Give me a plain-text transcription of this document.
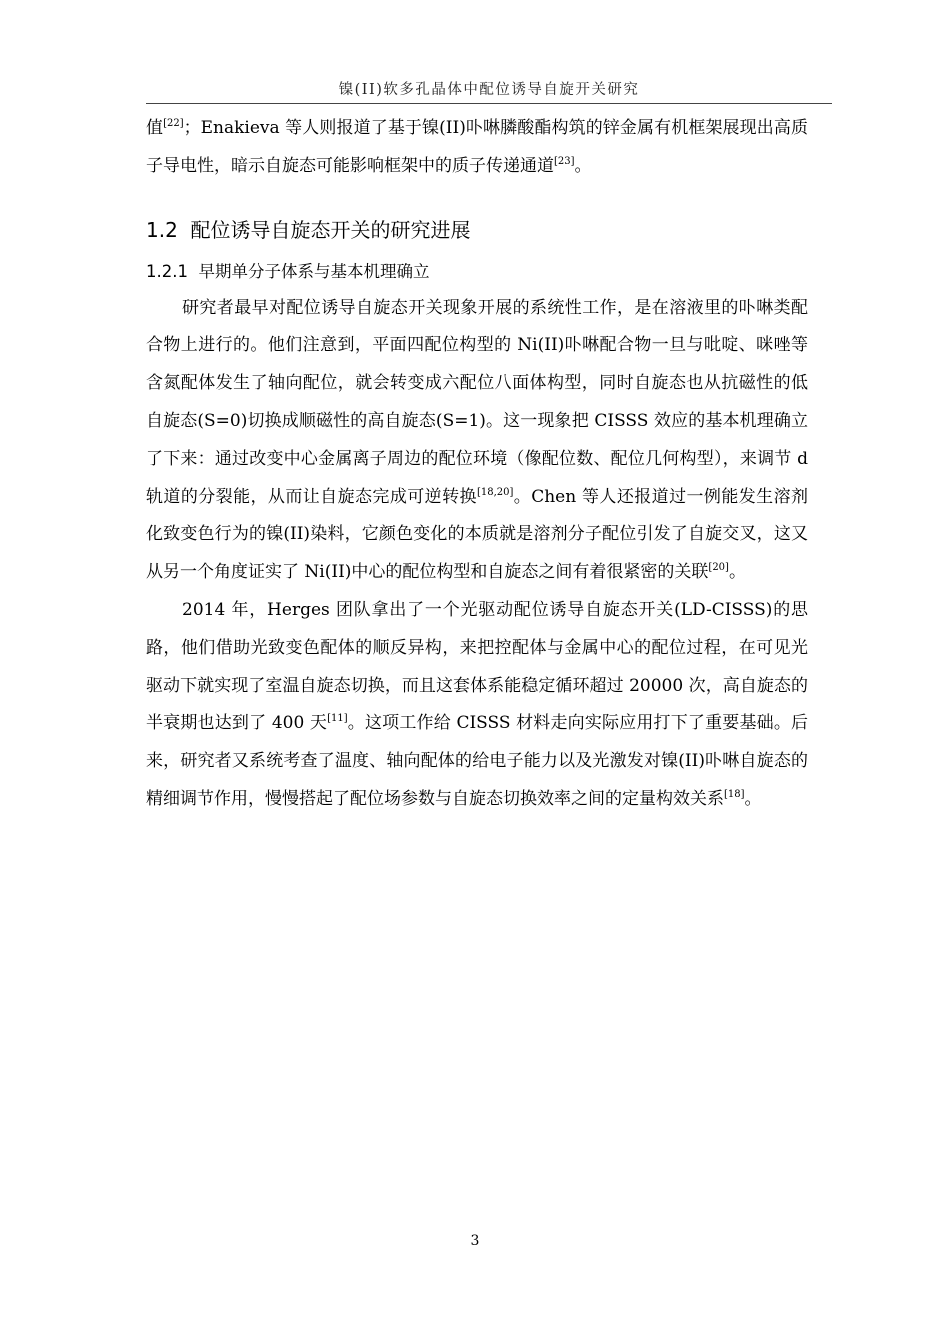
镍(II)软多孔晶体中配位诱导自旋开关研究

值[22]；Enakieva 等人则报道了基于镍(II)卟啉膦酸酯构筑的锌金属有机框架展现出高质子导电性，暗示自旋态可能影响框架中的质子传递通道[23]。

1.2 配位诱导自旋态开关的研究进展
1.2.1 早期单分子体系与基本机理确立

研究者最早对配位诱导自旋态开关现象开展的系统性工作，是在溶液里的卟啉类配合物上进行的。他们注意到，平面四配位构型的 Ni(II)卟啉配合物一旦与吡啶、咪唑等含氮配体发生了轴向配位，就会转变成六配位八面体构型，同时自旋态也从抗磁性的低自旋态(S=0)切换成顺磁性的高自旋态(S=1)。这一现象把 CISSS 效应的基本机理确立了下来：通过改变中心金属离子周边的配位环境（像配位数、配位几何构型），来调节 d 轨道的分裂能，从而让自旋态完成可逆转换[18,20]。Chen 等人还报道过一例能发生溶剂化致变色行为的镍(II)染料，它颜色变化的本质就是溶剂分子配位引发了自旋交叉，这又从另一个角度证实了 Ni(II)中心的配位构型和自旋态之间有着很紧密的关联[20]。

2014 年，Herges 团队拿出了一个光驱动配位诱导自旋态开关(LD-CISSS)的思路，他们借助光致变色配体的顺反异构，来把控配体与金属中心的配位过程，在可见光驱动下就实现了室温自旋态切换，而且这套体系能稳定循环超过 20000 次，高自旋态的半衰期也达到了 400 天[11]。这项工作给 CISSS 材料走向实际应用打下了重要基础。后来，研究者又系统考查了温度、轴向配体的给电子能力以及光激发对镍(II)卟啉自旋态的精细调节作用，慢慢搭起了配位场参数与自旋态切换效率之间的定量构效关系[18]。

3
